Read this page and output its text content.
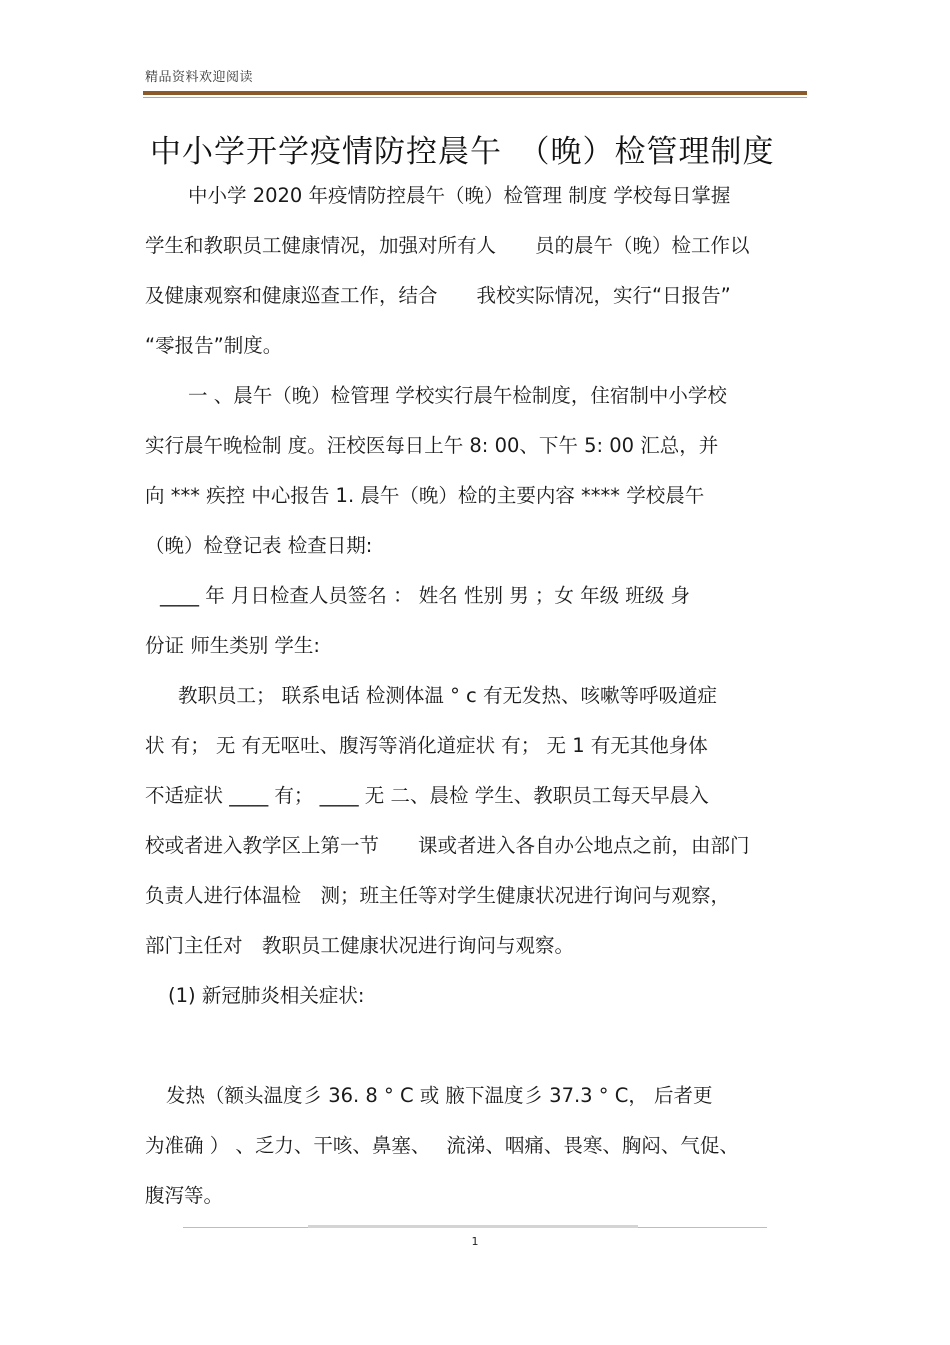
精品资料欢迎阅读
中小学开学疫情防控晨午　（晚）检管理制度
中小学 2020 年疫情防控晨午（晚）检管理 制度 学校每日掌握
学生和教职员工健康情况，加强对所有人　　员的晨午（晚）检工作以
及健康观察和健康巡查工作，结合　　我校实际情况，实行“日报告”
“零报告”制度。
一 、晨午（晚）检管理 学校实行晨午检制度，住宿制中小学校
实行晨午晚检制 度。汪校医每日上午 8: 00、下午 5: 00 汇总，并
向 *** 疾控 中心报告 1. 晨午（晚）检的主要内容 **** 学校晨午
（晚）检登记表 检查日期:
____ 年 月日检查人员签名 ： 姓名 性别 男 ；女 年级 班级 身
份证 师生类别 学生:
教职员工； 联系电话 检测体温 ° c 有无发热、咳嗽等呼吸道症
状 有； 无 有无呕吐、腹泻等消化道症状 有； 无 1 有无其他身体
不适症状 ____ 有； ____ 无 二、晨检 学生、教职员工每天早晨入
校或者进入教学区上第一节　　课或者进入各自办公地点之前，由部门
负责人进行体温检　测；班主任等对学生健康状况进行询问与观察，
部门主任对　教职员工健康状况进行询问与观察。
(1) 新冠肺炎相关症状:
发热（额头温度彡 36. 8 ° C 或 腋下温度彡 37.3 ° C， 后者更
为准确 ） 、乏力、干咳、鼻塞、　 流涕、咽痛、畏寒、胸闷、气促、
腹泻等。
1
